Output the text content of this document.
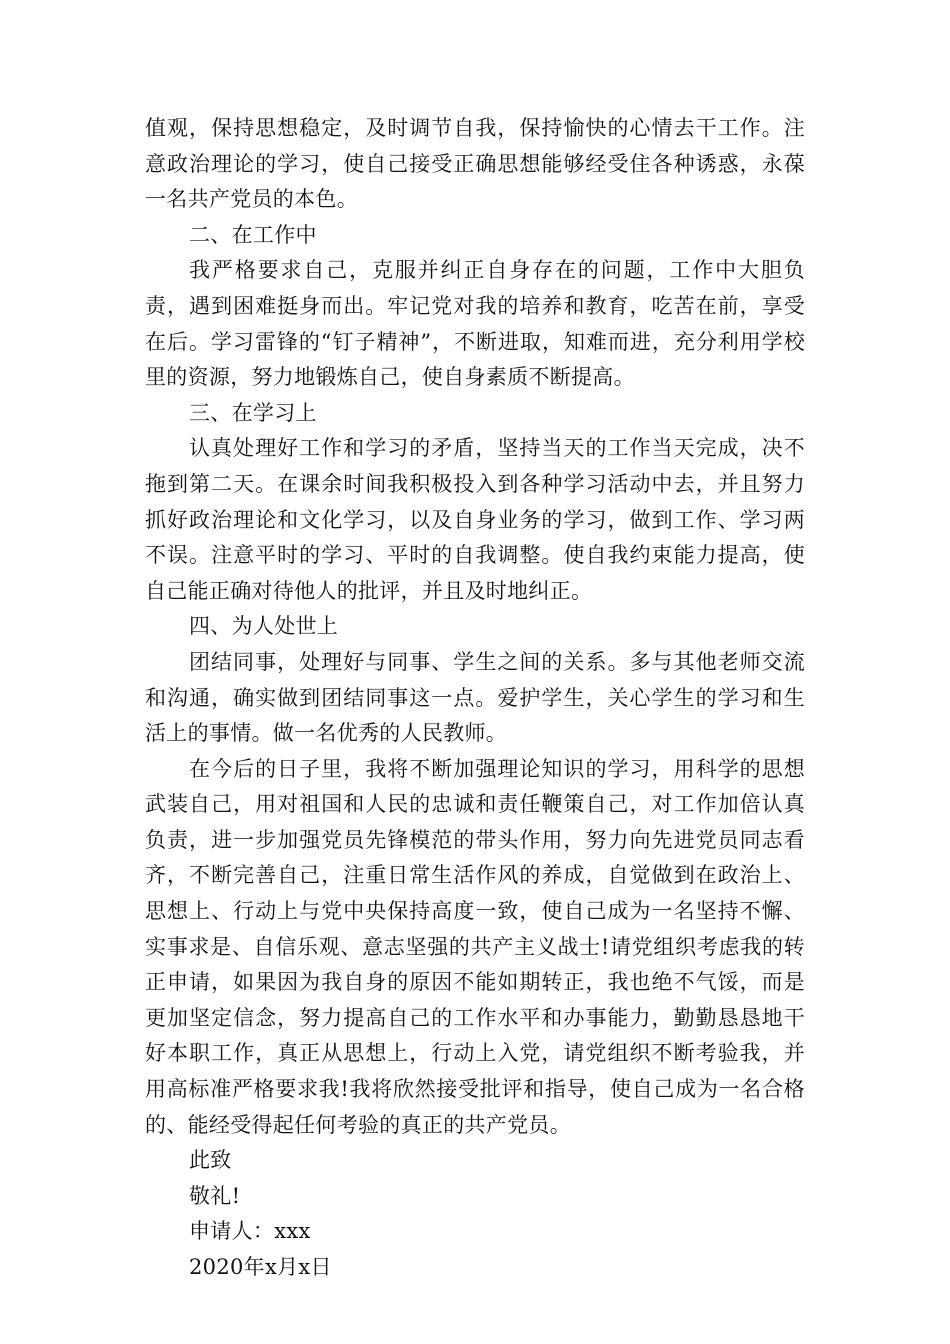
值观，保持思想稳定，及时调节自我，保持愉快的心情去干工作。注意政治理论的学习，使自己接受正确思想能够经受住各种诱惑，永葆一名共产党员的本色。

二、在工作中

我严格要求自己，克服并纠正自身存在的问题，工作中大胆负责，遇到困难挺身而出。牢记党对我的培养和教育，吃苦在前，享受在后。学习雷锋的“钉子精神”，不断进取，知难而进，充分利用学校里的资源，努力地锻炼自己，使自身素质不断提高。

三、在学习上

认真处理好工作和学习的矛盾，坚持当天的工作当天完成，决不拖到第二天。在课余时间我积极投入到各种学习活动中去，并且努力抓好政治理论和文化学习，以及自身业务的学习，做到工作、学习两不误。注意平时的学习、平时的自我调整。使自我约束能力提高，使自己能正确对待他人的批评，并且及时地纠正。

四、为人处世上

团结同事，处理好与同事、学生之间的关系。多与其他老师交流和沟通，确实做到团结同事这一点。爱护学生，关心学生的学习和生活上的事情。做一名优秀的人民教师。

在今后的日子里，我将不断加强理论知识的学习，用科学的思想武装自己，用对祖国和人民的忠诚和责任鞭策自己，对工作加倍认真负责，进一步加强党员先锋模范的带头作用，努力向先进党员同志看齐，不断完善自己，注重日常生活作风的养成，自觉做到在政治上、思想上、行动上与党中央保持高度一致，使自己成为一名坚持不懈、实事求是、自信乐观、意志坚强的共产主义战士!请党组织考虑我的转正申请，如果因为我自身的原因不能如期转正，我也绝不气馁，而是更加坚定信念，努力提高自己的工作水平和办事能力，勤勤恳恳地干好本职工作，真正从思想上，行动上入党，请党组织不断考验我，并用高标准严格要求我!我将欣然接受批评和指导，使自己成为一名合格的、能经受得起任何考验的真正的共产党员。

此致

敬礼!

申请人：xxx

2020年x月x日
